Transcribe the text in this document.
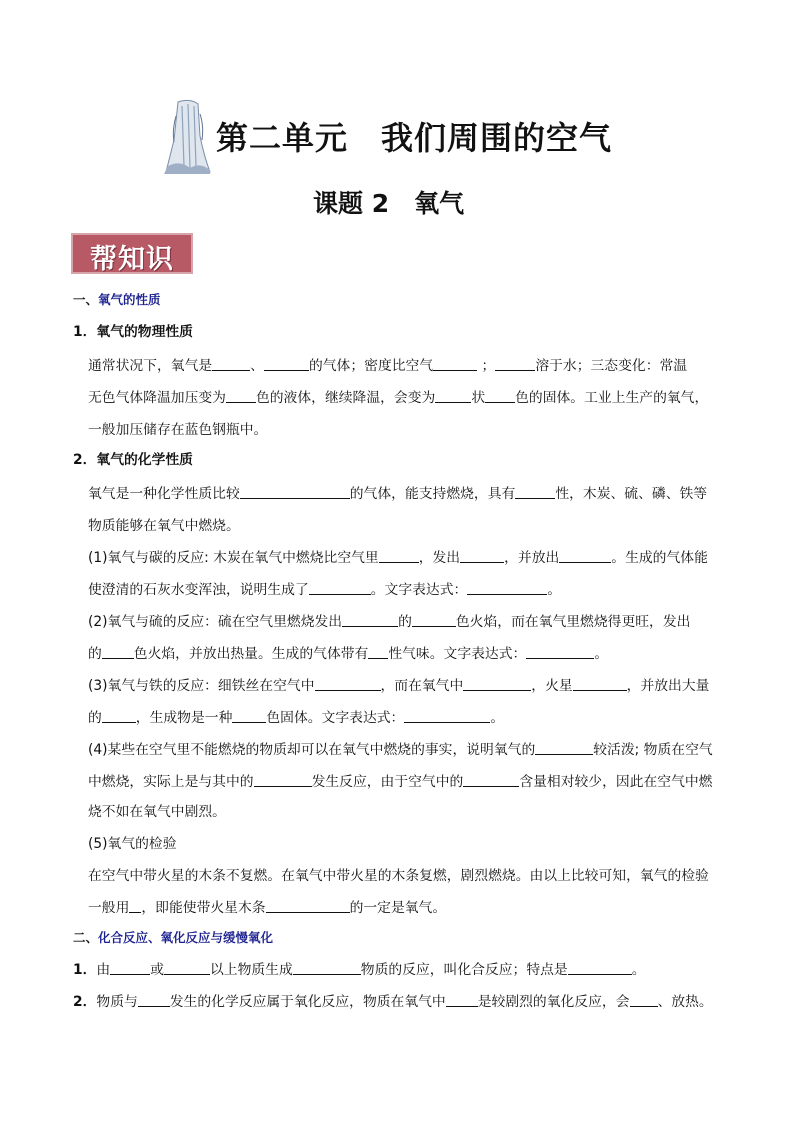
第二单元　我们周围的空气
课题 2　氧气
帮知识
一、氧气的性质
1．氧气的物理性质
通常状况下，氧气是	、	的气体；密度比空气	；	溶于水；三态变化：常温
无色气体降温加压变为 色的液体，继续降温，会变为	状 色的固体。工业上生产的氧气，
一般加压储存在蓝色钢瓶中。
2．氧气的化学性质
氧气是一种化学性质比较	的气体，能支持燃烧，具有	性，木炭、硫、磷、铁等
物质能够在氧气中燃烧。
(1)氧气与碳的反应: 木炭在氧气中燃烧比空气里	，发出	，并放出	。生成的气体能
使澄清的石灰水变浑浊，说明生成了	。文字表达式：	。
(2)氧气与硫的反应：硫在空气里燃烧发出	的	色火焰，而在氧气里燃烧得更旺，发出
的 色火焰，并放出热量。生成的气体带有 性气味。文字表达式：	。
(3)氧气与铁的反应：细铁丝在空气中	，而在氧气中	，火星	，并放出大量
的 ，生成物是一种 色固体。文字表达式：	。
(4)某些在空气里不能燃烧的物质却可以在氧气中燃烧的事实，说明氧气的	较活泼; 物质在空气
中燃烧，实际上是与其中的	发生反应，由于空气中的	含量相对较少，因此在空气中燃
烧不如在氧气中剧烈。
(5)氧气的检验
在空气中带火星的木条不复燃。在氧气中带火星的木条复燃，剧烈燃烧。由以上比较可知，氧气的检验
一般用 ，即能使带火星木条	的一定是氧气。
二、化合反应、氧化反应与缓慢氧化
1．由	或	以上物质生成	物质的反应，叫化合反应；特点是	。
2．物质与 发生的化学反应属于氧化反应，物质在氧气中 是较剧烈的氧化反应，会 、放热。
